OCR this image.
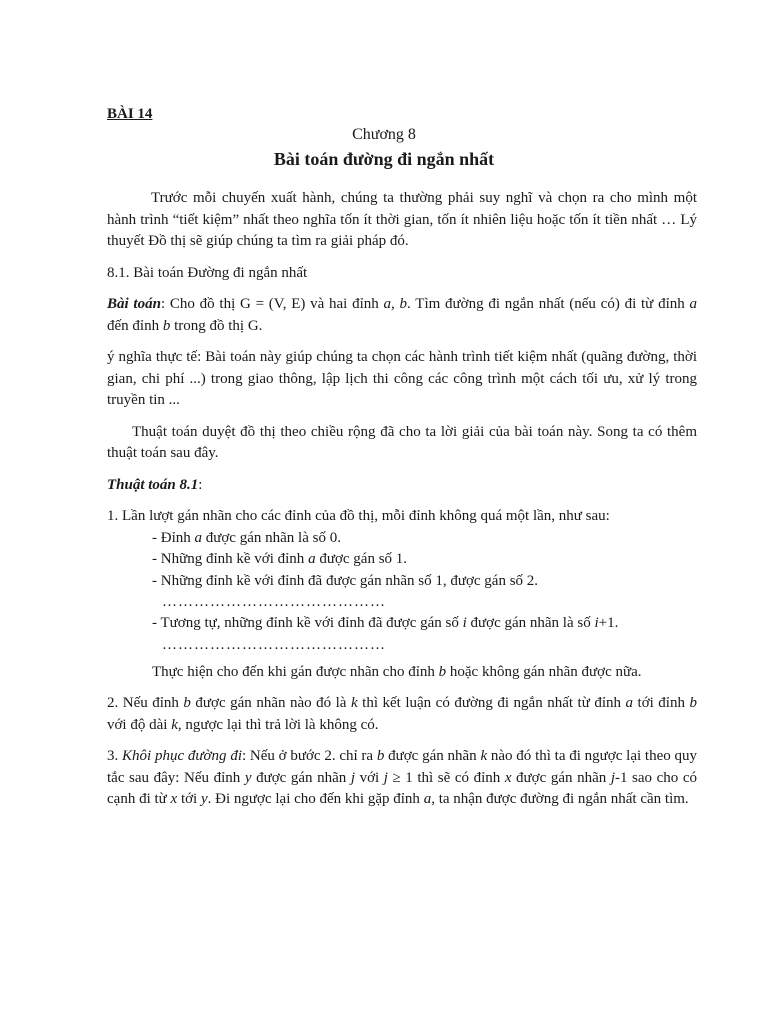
BÀI 14
Chương 8
Bài toán đường đi ngắn nhất

Trước mỗi chuyến xuất hành, chúng ta thường phải suy nghĩ và chọn ra cho mình một hành trình “tiết kiệm” nhất theo nghĩa tốn ít thời gian, tốn ít nhiên liệu hoặc tốn ít tiền nhất … Lý thuyết Đồ thị sẽ giúp chúng ta tìm ra giải pháp đó.

8.1. Bài toán Đường đi ngắn nhất

Bài toán: Cho đồ thị G = (V, E) và hai đỉnh a, b. Tìm đường đi ngắn nhất (nếu có) đi từ đỉnh a đến đỉnh b trong đồ thị G.

ý nghĩa thực tế: Bài toán này giúp chúng ta chọn các hành trình tiết kiệm nhất (quãng đường, thời gian, chi phí ...) trong giao thông, lập lịch thi công các công trình một cách tối ưu, xử lý trong truyền tin ...

Thuật toán duyệt đồ thị theo chiều rộng đã cho ta lời giải của bài toán này. Song ta có thêm thuật toán sau đây.

Thuật toán 8.1:

1. Lần lượt gán nhãn cho các đỉnh của đồ thị, mỗi đỉnh không quá một lần, như sau:

- Đỉnh a được gán nhãn là số 0.

- Những đỉnh kề với đỉnh a được gán số 1.

- Những đỉnh kề với đỉnh đã được gán nhãn số 1, được gán số 2.

……………………………………

- Tương tự, những đỉnh kề với đỉnh đã được gán số i được gán nhãn là số i+1.

……………………………………

Thực hiện cho đến khi gán được nhãn cho đỉnh b hoặc không gán nhãn được nữa.

2. Nếu đỉnh b được gán nhãn nào đó là k thì kết luận có đường đi ngắn nhất từ đỉnh a tới đỉnh b với độ dài k, ngược lại thì trả lời là không có.

3. Khôi phục đường đi: Nếu ở bước 2. chỉ ra b được gán nhãn k nào đó thì ta đi ngược lại theo quy tắc sau đây: Nếu đỉnh y được gán nhãn j với j ≥ 1 thì sẽ có đỉnh x được gán nhãn j-1 sao cho có cạnh đi từ x tới y. Đi ngược lại cho đến khi gặp đỉnh a, ta nhận được đường đi ngắn nhất cần tìm.
